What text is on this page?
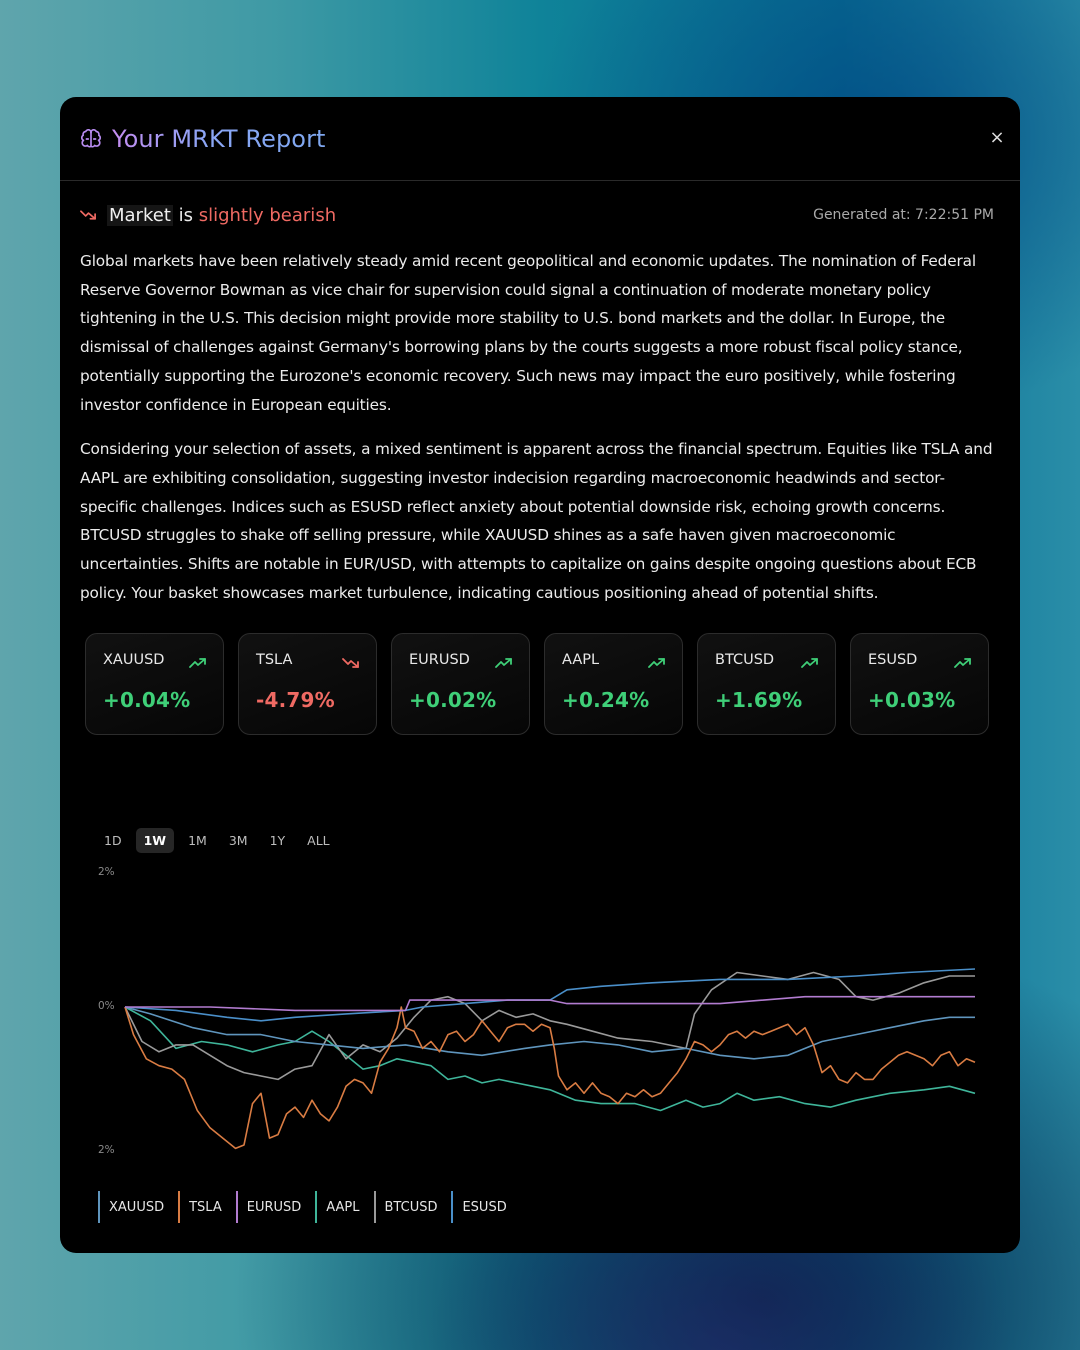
Your MRKT Report	×
Market is slightly bearish	Generated at: 7:22:51 PM

Global markets have been relatively steady amid recent geopolitical and economic updates. The nomination of Federal Reserve Governor Bowman as vice chair for supervision could signal a continuation of moderate monetary policy tightening in the U.S. This decision might provide more stability to U.S. bond markets and the dollar. In Europe, the dismissal of challenges against Germany's borrowing plans by the courts suggests a more robust fiscal policy stance, potentially supporting the Eurozone's economic recovery. Such news may impact the euro positively, while fostering investor confidence in European equities.

Considering your selection of assets, a mixed sentiment is apparent across the financial spectrum. Equities like TSLA and AAPL are exhibiting consolidation, suggesting investor indecision regarding macroeconomic headwinds and sector-specific challenges. Indices such as ESUSD reflect anxiety about potential downside risk, echoing growth concerns. BTCUSD struggles to shake off selling pressure, while XAUUSD shines as a safe haven given macroeconomic uncertainties. Shifts are notable in EUR/USD, with attempts to capitalize on gains despite ongoing questions about ECB policy. Your basket showcases market turbulence, indicating cautious positioning ahead of potential shifts.

XAUUSD
+0.04%
TSLA
-4.79%
EURUSD
+0.02%
AAPL
+0.24%
BTCUSD
+1.69%
ESUSD
+0.03%
1D	1W	1M	3M	1Y	ALL
2%
0%
2%
XAUUSD	TSLA	EURUSD	AAPL	BTCUSD	ESUSD
